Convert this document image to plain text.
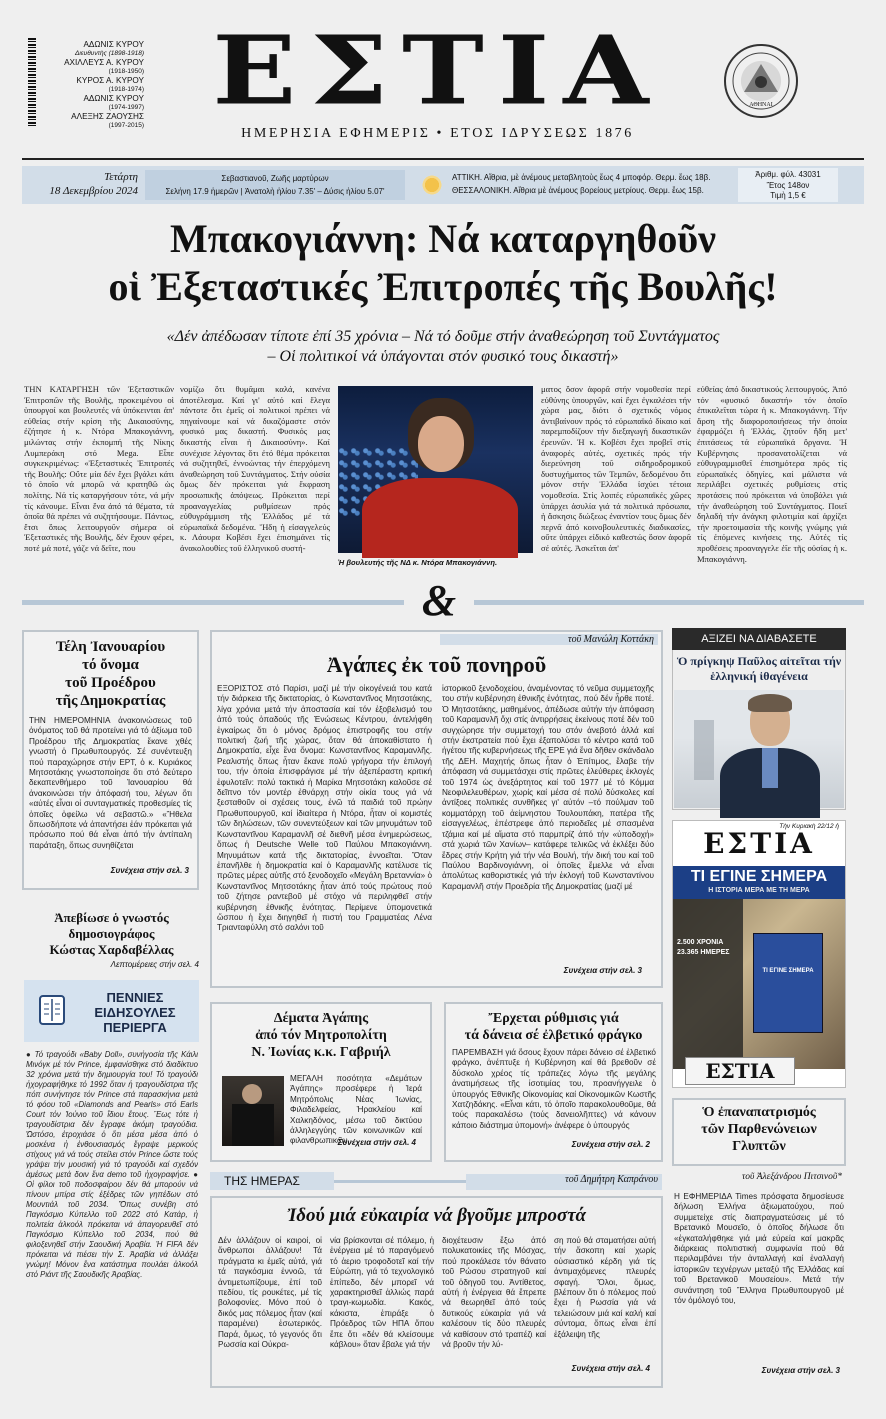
ΑΔΩΝΙΣ ΚΥΡΟΥ
Διευθυντὴς (1898-1918)
ΑΧΙΛΛΕΥΣ Α. ΚΥΡΟΥ
(1918-1950)
ΚΥΡΟΣ Α. ΚΥΡΟΥ
(1918-1974)
ΑΔΩΝΙΣ ΚΥΡΟΥ
(1974-1997)
ΑΛΕΞΗΣ ΖΑΟΥΣΗΣ
(1997-2015) ΕΣΤΙΑ
ΗΜΕΡΗΣΙΑ ΕΦΗΜΕΡΙΣ • ΕΤΟΣ ΙΔΡΥΣΕΩΣ 1876
ΑΘΗΝΑΙ
Τετάρτη
18 Δεκεμβρίου 2024
Σεβαστιανοῦ, Ζωῆς μαρτύρων
Σελήνη 17.9 ἡμερῶν | Ἀνατολὴ ἡλίου 7.35' – Δύσις ἡλίου 5.07'
ΑΤΤΙΚΗ. Αἴθρια, μὲ ἀνέμους μεταβλητοὺς ἔως 4 μποφόρ. Θερμ. ἔως 18β.
ΘΕΣΣΑΛΟΝΙΚΗ. Αἴθρια μὲ ἀνέμους βορείους μετρίους. Θερμ. ἔως 15β.
Ἀριθμ. φύλ. 43031
Ἔτος 148ον
Τιμὴ 1,5 €
Μπακογιάννη: Νά καταργηθοῦν
οἱ Ἐξεταστικές Ἐπιτροπές τῆς Βουλῆς!
«Δέν ἀπέδωσαν τίποτε ἐπί 35 χρόνια – Νά τό δοῦμε στήν ἀναθεώρηση τοῦ Συντάγματος
– Οἱ πολιτικοί νά ὑπάγονται στόν φυσικό τους δικαστή»
ΤΗΝ ΚΑΤΑΡΓΗΣΗ τῶν Ἐξεταστικῶν Ἐπιτροπῶν τῆς Βουλῆς, προκειμένου οἱ ὑπουργοί και βουλευτές νά ὑπόκεινται ἀπ' εὐθείας στήν κρίση τῆς Δικαιοσύνης, ἐζήτησε ἡ κ. Ντόρα Μπακογιάννη, μιλώντας στήν ἐκπομπή τῆς Νίκης Λυμπεράκη στό Mega. Εἶπε συγκεκριμένως: «Ἐξεταστικές Ἐπιτροπές τῆς Βουλῆς: Οὔτε μία δέν ἔχει βγάλει κάτι τό ὁποῖο νά μπορῶ νά κρατηθῶ ὡς πολίτης. Νά τίς καταργήσουν τότε, νά μήν τίς κάνουμε. Εἶναι ἕνα ἀπό τά θέματα, τά ὁποῖα θά πρέπει νά συζητήσουμε. Πάντως, ἔτσι ὅπως λειτουργοῦν σήμερα οἱ Ἐξεταστικές τῆς Βουλῆς, δέν ἔχουν φέρει, ποτέ μά ποτέ, γάζε νά δεῖτε, που
νομίζω ὅτι θυμᾶμαι καλά, κανένα ἀποτέλεσμα. Καί γι' αὐτό καί ἔλεγα πάντοτε ὅτι ἐμεῖς οἱ πολιτικοί πρέπει νά πηγαίνουμε καί νά δικαζόμαστε στόν φυσικό μας δικαστή. Φυσικός μας δικαστής εἶναι ἡ Δικαιοσύνη». Καί συνέχισε λέγοντας ὅτι ἐτό θέμα πρόκειται νά συζητηθεῖ, ἐννοώντας τήν ἐπερχόμενη ἀναθεώρηση τοῦ Συντάγματος. Στήν οὐσία ὅμως δέν πρόκειται γιά ἔκφραση προσωπικῆς ἀπόψεως. Πρόκειται περί προαναγγελίας ρυθμίσεων πρός εὐθυγράμμιση τῆς Ἑλλάδος μέ τά εὐρωπαϊκά δεδομένα. Ἤδη ἡ εἰσαγγελεύς κ. Λάουρα Κοβέσι ἔχει ἐπισημάνει τίς ἀνακολουθίες τοῦ ἑλληνικοῦ συστή-
Ἡ βουλευτής τῆς ΝΔ κ. Ντόρα Μπακογιάννη.
ματος ὅσον ἀφορᾶ στήν νομοθεσία περί εὐθύνης ὑπουργῶν, καί ἔχει ἐγκαλέσει τήν χώρα μας, διότι ὁ σχετικός νόμος ἀντιβαίνουν πρός τό εὐρωπαϊκό δίκαιο καί παρεμποδίζουν τήν διεξαγωγή δικαστικῶν ἐρευνῶν. Ἡ κ. Κοβέσι ἔχει προβεῖ στίς ἀναφορές αὐτές, σχετικές πρός τήν διερεύνηση τοῦ σιδηροδρομικοῦ δυστυχήματος τῶν Τεμπῶν, δεδομένου ὅτι μόνον στήν Ἑλλάδα ἰσχύει τέτοια νομοθεσία. Στίς λοιπές εὐρωπαϊκές χῶρες ὑπάρχει ἀσυλία γιά τά πολιτικά πρόσωπα, ἡ ἄσκησις διώξεως ἐναντίον τους ὅμως δέν περνᾶ ἀπό κοινοβουλευτικές διαδικασίες, οὔτε ὑπάρχει εἰδικό καθεστώς ὅσον ἀφορᾶ σέ αὐτές. Ἀσκεῖται ἀπ'
εὐθείας ἀπό δικαστικούς λειτουργούς. Ἀπό τόν «φυσικό δικαστή» τόν ὁποῖο ἐπικαλεῖται τώρα ἡ κ. Μπακογιάννη. Τήν ἄρση τῆς διαφοροποιήσεως τήν ὁποία ἐφαρμόζει ἡ Ἑλλάς, ζητοῦν ἤδη μετ' ἐπιτάσεως τά εὐρωπαϊκά ὄργανα. Ἡ Κυβέρνησις προσανατολίζεται νά εὐθυγραμμισθεῖ ἐπισημότερα πρός τίς εὐρωπαϊκές ὁδηγίες, καί μάλιστα νά περιλάβει σχετικές ρυθμίσεις στίς προτάσεις πού πρόκειται νά ὑποβάλει γιά τήν ἀναθεώρηση τοῦ Συντάγματος. Ποιεῖ δηλαδή τήν ἀνάγκη φιλοτιμία καί ἀρχίζει τήν προετοιμασία τῆς κοινῆς γνώμης γιά τίς ἐπόμενες κινήσεις της. Αὐτές τίς προθέσεις προαναγγελε ἐῖε τῆς οὐσίας ἡ κ. Μπακογιάννη.
&
Τέλη Ἰανουαρίου
τό ὄνομα
τοῦ Προέδρου
τῆς Δημοκρατίας
ΤΗΝ ΗΜΕΡΟΜΗΝΙΑ ἀνακοινώσεως τοῦ ὀνόματος τοῦ θά προτείνει γιά τό ἀξίωμα τοῦ Προέδρου τῆς Δημοκρατίας ἔκανε χθές γνωστή ὁ Πρωθυπουργός. Σέ συνέντευξη πού παραχώρησε στήν ΕΡΤ, ὁ κ. Κυριάκος Μητσοτάκης γνωστοποίησε ὅτι στό δεύτερο δεκαπενθήμερο τοῦ Ἰανουαρίου θά ἀνακοινώσει τήν ἀπόφασή του, λέγων ὅτι «αὐτές εἶναι οἱ συνταγματικές προθεσμίες τίς ὁποῖες ὀφείλω νά σεβαστῶ.» «Ἤθελα ὅπωσδήποτε νά ἀπαντήσει ἐάν πρόκειται γιά πρόσωπο πού θά εἶναι ἀπό τήν ἀντίπαλη παράταξη, ὅπως συνηθίζεται
Συνέχεια στήν σελ. 3
Ἀπεβίωσε ὁ γνωστός
δημοσιογράφος
Κώστας Χαρδαβέλλας
Λεπτομέρειες στήν σελ. 4
ΠΕΝΝΙΕΣ
ΕΙΔΗΣΟΥΛΕΣ
ΠΕΡΙΕΡΓΑ
● Τό τραγούδι «Baby Doll», συνήγοσία τῆς Κάιλι Μινόγκ μέ τόν Prince, ἐμφανίσθηκε στό διαδίκτυο 32 χρόνια μετά τήν δημιουργία του! Τό τραγούδι ἠχογραφήθηκε τό 1992 ὅταν ἡ τραγουδίστρια τῆς πόπ συνήντησε τόν Prince στά παρασκήνια μετά τό φόου τοῦ «Diamonds and Pearls» στό Earls Court τόν Ἰούνιο τοῦ ἴδιου ἔτους. Ἔως τότε ἡ τραγουδίστρια δέν ἔγραφε ἀκόμη τραγούδια. Ὡστόσο, ἐτροχιάσε ὁ ὅτι μέσα μέσα ἀπό ὁ μοσκένα ἡ ἐνθουσιασμός ἔγραψε μερικούς στίχους γιά νά τούς στείλει στόν Prince ὥστε τούς γράψει τήν μουσική γιά τό τραγούδι καί σχεδόν ἀμέσως μετά δοιν ἔνα demo τοῦ ἠχογραφήσε. ● Οἱ φίλοι τοῦ ποδοσφαίρου δέν θά μπορούν νά πίνουν μπίρα στίς ἐξέδρες τῶν γηπέδων στό Μουντιάλ τοῦ 2034. Ὅπως συνέβη στό Παγκόσμιο Κύπελλο τοῦ 2022 στό Κατάρ, ἡ πολιτεία ἀλκοόλ πρόκειται νά ἀπαγορευθεῖ στό Παγκόσμιο Κύπελλο τοῦ 2034, πού θά φιλοξενηθεῖ στήν Σαουδική Ἀραβία. Ἡ FIFA δέν πρόκειται νά πιέσει τήν Σ. Ἀραβία νά ἀλλάξει γνώμη! Μόνον ἕνα κατάστημα πουλάει ἀλκοόλ στό Ριάντ τῆς Σαουδικῆς Ἀραβίας.
τοῦ Μανώλη Κοττάκη
Ἀγάπες ἐκ τοῦ πονηροῦ
ΕΞΟΡΙΣΤΟΣ στό Παρίσι, μαζί μέ τήν οἰκογένειά του κατά τήν διάρκεια τῆς δικτατορίας, ὁ Κωνσταντῖνος Μητσοτάκης, λίγα χρόνια μετά τήν ἀποστασία καί τόν ἐξοβελισμό του ἀπό τούς ὁπαδούς τῆς Ἐνώσεως Κέντρου, ἀντελήφθη ἐγκαίρως ὅτι ὁ μόνος δρόμος ἐπιστροφῆς του στήν πολιτική ζωή τῆς χώρας, ὅταν θά ἀποκαθίστατο ἡ Δημοκρατία, εἶχε ἕνα ὄνομα: Κωνσταντῖνος Καραμανλῆς. Ρεαλιστής ὅπως ἦταν ἔκανε πολύ γρήγορα τήν ἐπιλογή του, τήν ὁποία ἐπισφράγισε μέ τήν ἀξεπέραστη κριτική ἐφυλοτεῖν: πολύ τακτικά ἡ Μαρίκα Μητσοτάκη καλοῦσε σέ δεῖπνο τόν μοντέρ ἐθνάρχη στήν οἰκία τους γιά νά ξεσταθοῦν οἱ σχέσεις τους, ἐνῶ τά παιδιά τοῦ πρώην Πρωθυπουργοῦ, καί ἰδιαίτερα ἡ Ντόρα, ἦταν οἱ κομιστές τῶν δηλώσεων, τῶν συνεντεύξεων καί τῶν μηνυμάτων τοῦ Κωνσταντῖνου Καραμανλῆ σέ διεθνῆ μέσα ἐνημερώσεως, ὅπως ἡ Deutsche Welle τοῦ Παύλου Μπακογιάννη. Μηνυμάτων κατά τῆς δικτατορίας, ἐννοεῖται. Ὅταν ἐπανῆλθε ἡ δημοκρατία καί ὁ Καραμανλῆς κατέλυσε τίς πρῶτες μέρες αὐτῆς στό ξενοδοχεῖο «Μεγάλη Βρεταννία» ὁ Κωνσταντῖνος Μητσοτάκης ἦταν ἀπό τούς πρώτους πού τοῦ ζήτησε ραντεβοῦ μέ στόχο νά περιληφθεῖ στήν κυβέρνηση ἐθνικῆς ἑνότητας. Περίμενε ὑπομονετικά ὥσπου ἡ ἔχει διηγηθεῖ ἡ πιστή του Γραμματέας Λένα Τριανταφύλλη στό σαλόνι τοῦ
ἱστορικοῦ ξενοδοχείου, ἀναμένοντας τό νεῦμα συμμετοχῆς του στήν κυβέρνηση ἐθνικῆς ἑνότητας, πού δέν ἦρθε ποτέ. Ὁ Μητσοτάκης, μαθημένος, ἀπέδωσε αὐτήν τήν ἀπόφαση τοῦ Καραμανλῆ ὄχι στίς ἀντιρρήσεις ἐκείνους ποτέ δέν τοῦ συγχώρησε τήν συμμετοχή του στόν ἀνεβοτό ἀλλά καί στήν ἐκστρατεία πού ἔχει ἐξαπολύσει τό κέντρο κατά τοῦ ἡγέτου τῆς κυβερνήσεως τῆς ΕΡΕ γιά ἕνα δῆθεν σκάνδαλο τῆς ΔΕΗ. Μαχητής ὅπως ἦταν ὁ Ἐπίτιμος, ἔλαβε τήν ἀπόφαση νά συμμετάσχει στίς πρῶτες ἐλεύθερες ἐκλογές τοῦ 1974 ὡς ἀνεξάρτητος καί τοῦ 1977 μέ τό Κόμμα Νεοφιλελευθέρων, χωρίς καί μέσα σέ πολύ δύσκολες καί ἀντίξοες πολιτικές συνθῆκες γι' αὐτόν –τό πούλμαν τοῦ κομματάρχη τοῦ ἀείμνηστου Τουλουπάκη, πατέρα τῆς εἰσαγγελέως, ἐπέστρεφε ἀπό περιοδεῖες μέ σπασμένα τζάμια καί μέ αἵματα στό παρμπρίζ ἀπό τήν «ὑποδοχή» στά χωριά τῶν Χανίων– κατάφερε τελικῶς νά ἐκλέξει δύο ἕδρες στήν Κρήτη γιά τήν νέα Βουλή, τήν δική του καί τοῦ Παύλου Βαρδινογιάννη, οἱ ὁποῖες ἔμελλε νά εἶναι ἀπολύτως καθοριστικές γιά τήν ἐκλογή τοῦ Κωνσταντίνου Καραμανλῆ στήν Προεδρία τῆς Δημοκρατίας (μαζί μέ
Συνέχεια στήν σελ. 3
ΑΞΙΖΕΙ ΝΑ ΔΙΑΒΑΣΕΤΕ
Ὁ πρίγκηψ Παῦλος αἰτεῖται τήν ἑλληνική ἰθαγένεια
Τὴν Κυριακὴ 22/12 ἡ
ΕΣΤΙΑ
ΤΙ ΕΓΙΝΕ ΣΗΜΕΡΑ
Η ΙΣΤΟΡΙΑ ΜΕΡΑ ΜΕ ΤΗ ΜΕΡΑ
2.500 ΧΡΟΝΙΑ
23.365 ΗΜΕΡΕΣ
ΤΙ ΕΓΙΝΕ ΣΗΜΕΡΑ
ΕΣΤΙΑ
Δέματα Ἀγάπης
ἀπό τόν Μητροπολίτη
Ν. Ἰωνίας κ.κ. Γαβριήλ
ΜΕΓΑΛΗ ποσότητα «Δεμάτων Ἀγάπης» προσέφερε ἡ Ἱερά Μητρόπολις Νέας Ἰωνίας, Φιλαδελφείας, Ἡρακλείου καί Χαλκηδόνος, μέσω τοῦ δικτύου ἀλληλεγγύης τῶν κοινωνικῶν καί φιλανθρωπικῶν
Συνέχεια στήν σελ. 4
Ἔρχεται ρύθμισις γιά
τά δάνεια σέ ἐλβετικό φράγκο
ΠΑΡΕΜΒΑΣΗ γιά ὅσους ἔχουν πάρει δάνειο σέ ἐλβετικό φράγκο, ἀνέπτυξε ἡ Κυβέρνηση καί θά βρεθοῦν σέ δύσκολο χρέος τίς τράπεζες λόγω τῆς μεγάλης ἀνατιμήσεως τῆς ἰσοτιμίας του, προανήγγειλε ὁ ὑπουργός Ἐθνικῆς Οἰκονομίας καί Οἰκονομικῶν Κωστῆς Χατζηδάκης. «Εἶναι κάτι, τό ὁποῖο παρακολουθοῦμε, θά τούς παρακαλέσω (τούς δανειολῆπτες) νά κάνουν κάποιο διάστημα ὑπομονή» ἀνέφερε ὁ ὑπουργός
Συνέχεια στήν σελ. 2
ΤΗΣ ΗΜΕΡΑΣ	τοῦ Δημήτρη Καπράνου
Ἰδού μιά εὐκαιρία νά βγοῦμε μπροστά
Δέν ἀλλάζουν οἱ καιροί, οἱ ἄνθρωποι ἀλλάζουν! Τά πράγματα κι ἐμεῖς αὐτά, γιά τά παγκόσμια ἐννοῶ, τά ἀντιμετωπίζουμε, ἐπί τοῦ πεδίου, τίς ρουκέτες, μέ τίς βολοφονίες. Μόνο πού ὁ δικός μας πόλεμος ἦταν (καί παραμένει) ἐσωτερικός. Παρά, ὅμως, τό γεγονός ὅτι Ρωσσία καί Οὐκρα-
νία βρίσκονται σέ πόλεμο, ἡ ἐνέργεια μέ τό παραγόμενό τό ἀεριο τροφοδοτεῖ καί τήν Εὐρώπη, γιά τό τεχνολογικό ἐπίπεδο, δέν μπορεῖ νά χαρακτηρισθεῖ ἀλλιώς παρά τραγι-κωμωδία. Κακός, κάκιστα, ἐπιράξε ὁ Πρόεδρος τῶν ΗΠΑ ὅπου ἔπε ὅτι «δέν θά κλείσουμε κάβλου» ὅταν ἔβαλε γιά τήν
διοχέτευσιν ἔξω ἀπό πολυκατοικίες τῆς Μόσχας, πού προκάλεσε τόν θάνατο τοῦ Ρώσου στρατηγοῦ καί τοῦ ὁδηγοῦ του. Ἀντίθετος, αὐτή ἡ ἐνέργεια θά ἔπρεπε νά θεωρηθεῖ ἀπό τούς δυτικούς εὐκαιρία γιά νά καλέσουν τίς δύο πλευρές νά καθίσουν στό τραπέζι καί νά βροῦν τήν λύ-
ση πού θά σταματήσει αὐτή τήν ἄσκοπη καί χωρίς οὐσιαστικό κέρδη γιά τίς ἀντιμαχόμενες πλευρές σφαγή. Ὅλοι, ὅμως, βλέπουν ὅτι ὁ πόλεμος πού ἔχει ἡ Ρωσσία γιά νά τελειώσουν μιά καί καλή καί σύντομα, ὅπως εἶναι ἐπί ἐξάλειψη τῆς
Συνέχεια στήν σελ. 4
Ὁ ἐπαναπατρισμός
τῶν Παρθενώνειων
Γλυπτῶν
τοῦ Ἀλεξάνδρου Πιτσινοῦ*
Η ΕΦΗΜΕΡΙΔΑ Times πρόσφατα δημοσίευσε δήλωση Ἑλλήνα ἀξιωματούχου, πού συμμετείχε στίς διαπραγματεύσεις μέ τό Βρετανικό Μουσεῖο, ὁ ὁποῖος δήλωσε ὅτι «ἐγκαταλήφθηκε γιά μιά εὐρεία καί μακρᾶς διάρκειας πολιτιστική συμφωνία πού θά περιλαμβάνει τήν ἀνταλλαγή καί ἐναλλαγή ἱστορικῶν τεχνέργων μεταξύ τῆς Ἑλλάδας καί τοῦ Βρετανικοῦ Μουσείου». Μετά τήν συνάντηση τοῦ Ἕλληνα Πρωθυπουργοῦ μέ τόν ὁμόλογό του,
Συνέχεια στήν σελ. 3
